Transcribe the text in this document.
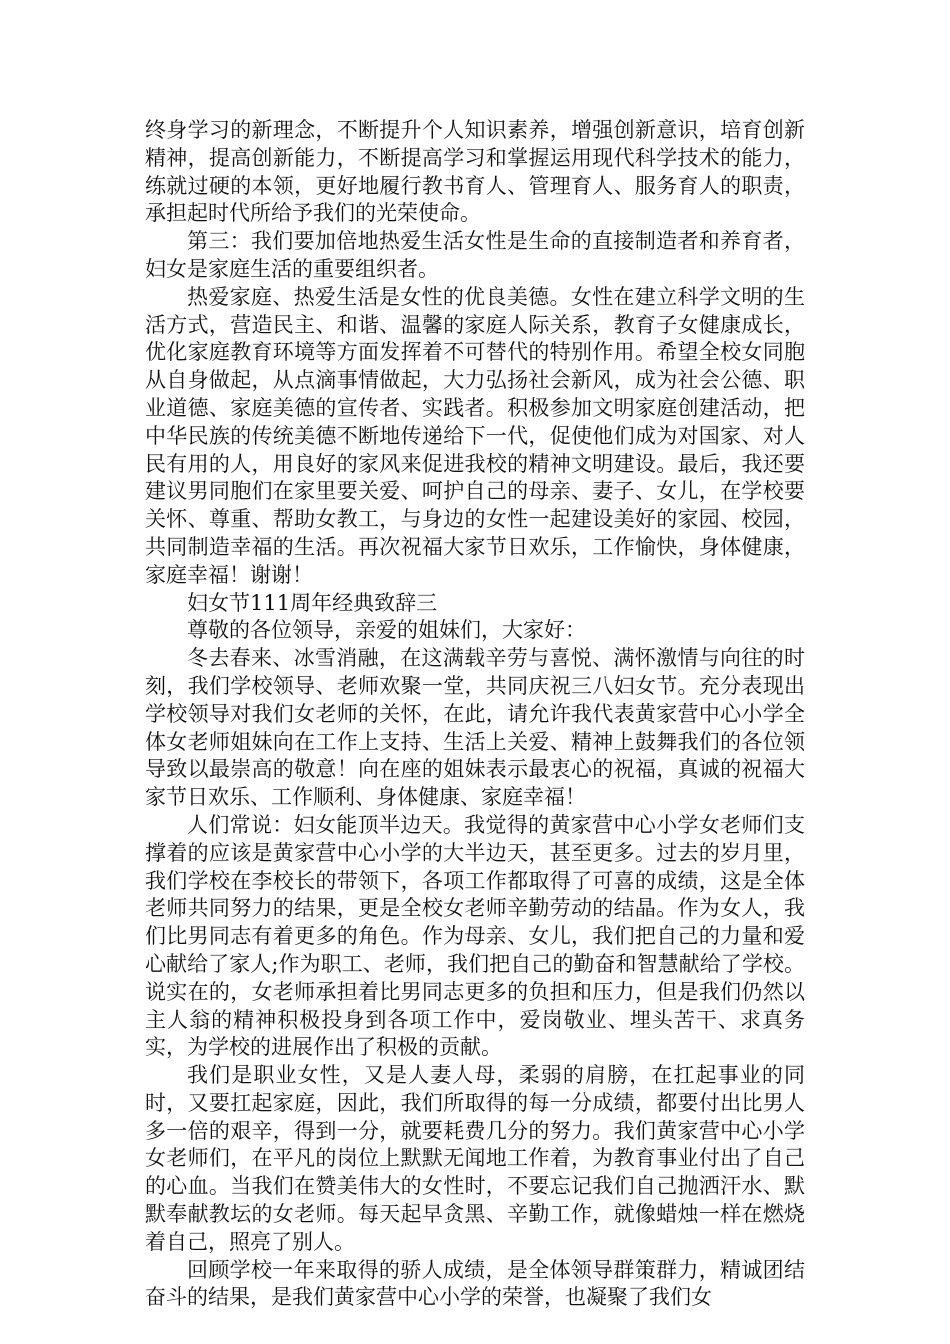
终身学习的新理念，不断提升个人知识素养，增强创新意识，培育创新精神，提高创新能力，不断提高学习和掌握运用现代科学技术的能力，练就过硬的本领，更好地履行教书育人、管理育人、服务育人的职责，承担起时代所给予我们的光荣使命。

第三：我们要加倍地热爱生活女性是生命的直接制造者和养育者，妇女是家庭生活的重要组织者。

热爱家庭、热爱生活是女性的优良美德。女性在建立科学文明的生活方式，营造民主、和谐、温馨的家庭人际关系，教育子女健康成长，优化家庭教育环境等方面发挥着不可替代的特别作用。希望全校女同胞从自身做起，从点滴事情做起，大力弘扬社会新风，成为社会公德、职业道德、家庭美德的宣传者、实践者。积极参加文明家庭创建活动，把中华民族的传统美德不断地传递给下一代，促使他们成为对国家、对人民有用的人，用良好的家风来促进我校的精神文明建设。最后，我还要建议男同胞们在家里要关爱、呵护自己的母亲、妻子、女儿，在学校要关怀、尊重、帮助女教工，与身边的女性一起建设美好的家园、校园，共同制造幸福的生活。再次祝福大家节日欢乐，工作愉快，身体健康，家庭幸福！谢谢！

妇女节111周年经典致辞三

尊敬的各位领导，亲爱的姐妹们，大家好：

冬去春来、冰雪消融，在这满载辛劳与喜悦、满怀激情与向往的时刻，我们学校领导、老师欢聚一堂，共同庆祝三八妇女节。充分表现出学校领导对我们女老师的关怀，在此，请允许我代表黄家营中心小学全体女老师姐妹向在工作上支持、生活上关爱、精神上鼓舞我们的各位领导致以最崇高的敬意！向在座的姐妹表示最衷心的祝福，真诚的祝福大家节日欢乐、工作顺利、身体健康、家庭幸福！

人们常说：妇女能顶半边天。我觉得的黄家营中心小学女老师们支撑着的应该是黄家营中心小学的大半边天，甚至更多。过去的岁月里，我们学校在李校长的带领下，各项工作都取得了可喜的成绩，这是全体老师共同努力的结果，更是全校女老师辛勤劳动的结晶。作为女人，我们比男同志有着更多的角色。作为母亲、女儿，我们把自己的力量和爱心献给了家人;作为职工、老师，我们把自己的勤奋和智慧献给了学校。说实在的，女老师承担着比男同志更多的负担和压力，但是我们仍然以主人翁的精神积极投身到各项工作中，爱岗敬业、埋头苦干、求真务实，为学校的进展作出了积极的贡献。

我们是职业女性，又是人妻人母，柔弱的肩膀，在扛起事业的同时，又要扛起家庭，因此，我们所取得的每一分成绩，都要付出比男人多一倍的艰辛，得到一分，就要耗费几分的努力。我们黄家营中心小学女老师们，在平凡的岗位上默默无闻地工作着，为教育事业付出了自己的心血。当我们在赞美伟大的女性时，不要忘记我们自己抛洒汗水、默默奉献教坛的女老师。每天起早贪黑、辛勤工作，就像蜡烛一样在燃烧着自己，照亮了别人。

回顾学校一年来取得的骄人成绩，是全体领导群策群力，精诚团结奋斗的结果，是我们黄家营中心小学的荣誉，也凝聚了我们女
